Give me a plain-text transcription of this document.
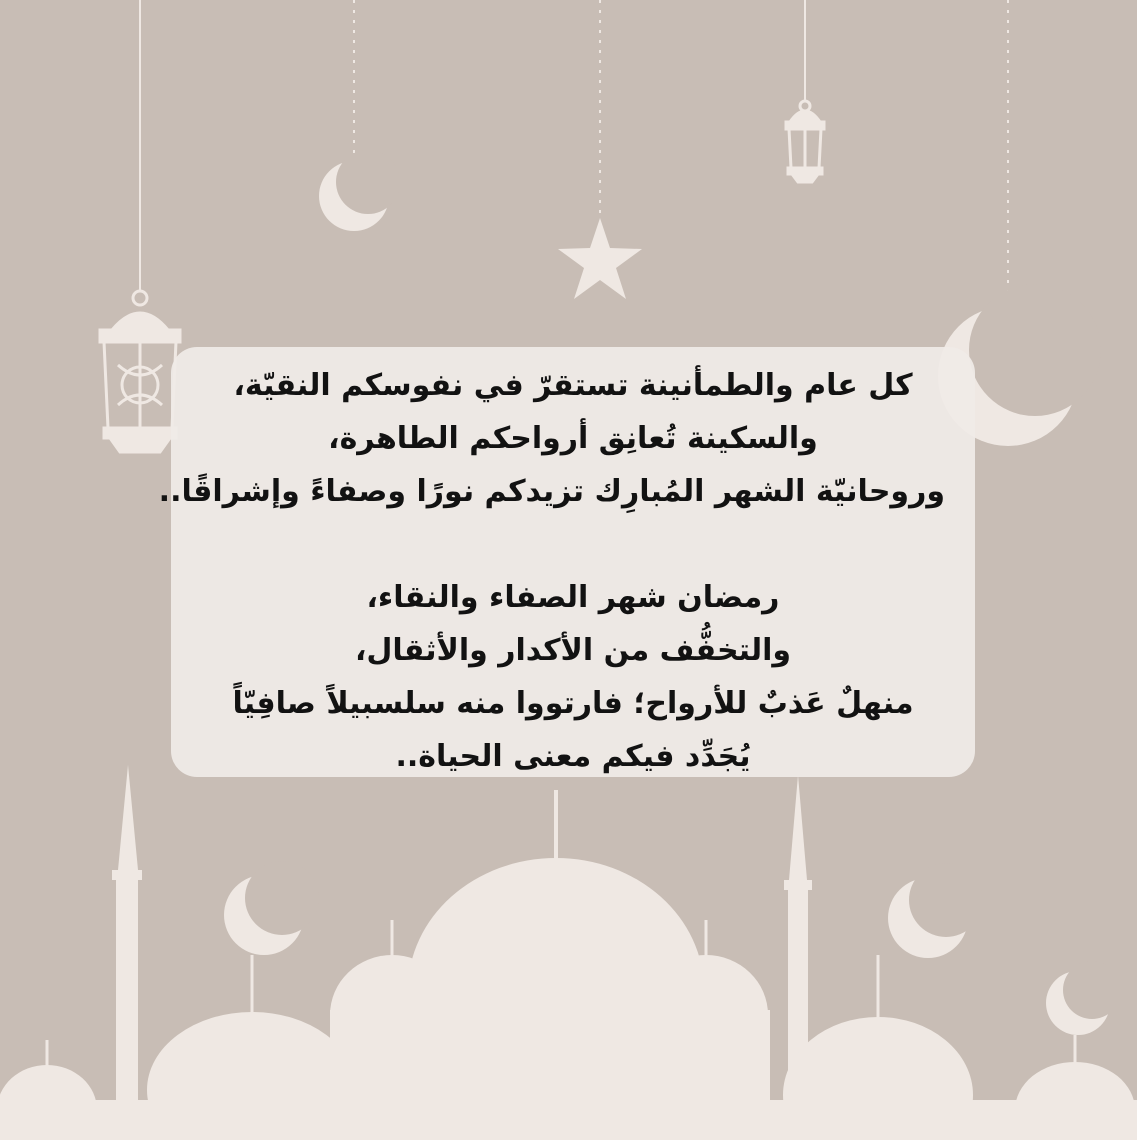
كل عام والطمأنينة تستقرّ في نفوسكم النقيّة،
والسكينة تُعانِق أرواحكم الطاهرة،
وروحانيّة الشهر المُبارِك تزيدكم نورًا وصفاءً وإشراقًا..
رمضان شهر الصفاء والنقاء،
والتخفُّف من الأكدار والأثقال،
منهلٌ عَذبٌ للأرواح؛ فارتووا منه سلسبيلاً صافِيّاً
يُجَدِّد فيكم معنى الحياة..
